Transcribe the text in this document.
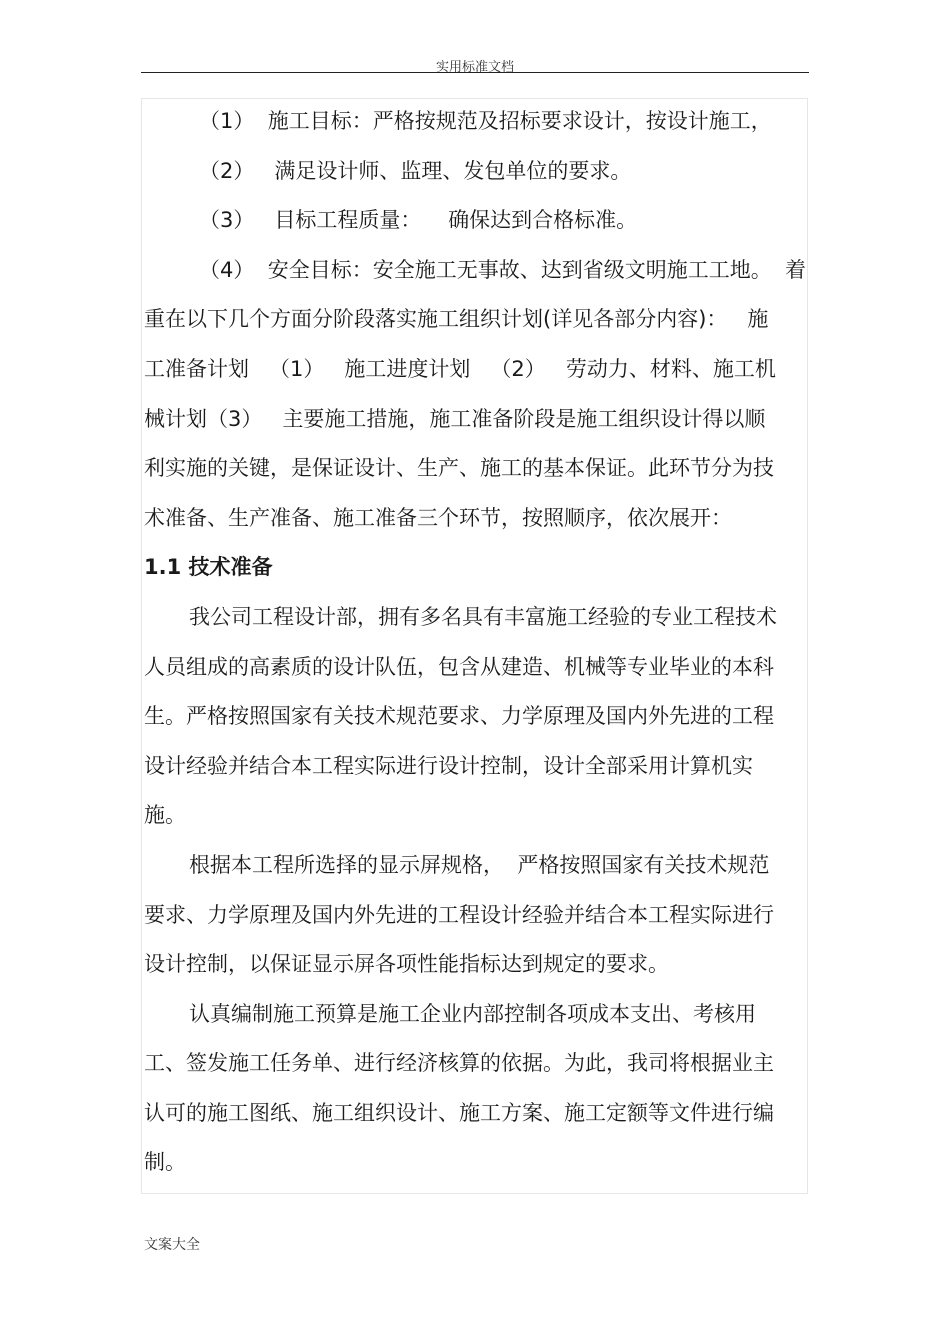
实用标准文档
（1）  施工目标：严格按规范及招标要求设计，按设计施工，
（2）   满足设计师、监理、发包单位的要求。
（3）   目标工程质量：    确保达到合格标准。
（4）  安全目标：安全施工无事故、达到省级文明施工工地。  着
重在以下几个方面分阶段落实施工组织计划(详见各部分内容)：   施
工准备计划   （1）   施工进度计划   （2）   劳动力、材料、施工机
械计划（3）   主要施工措施，施工准备阶段是施工组织设计得以顺
利实施的关键，是保证设计、生产、施工的基本保证。此环节分为技
术准备、生产准备、施工准备三个环节，按照顺序，依次展开：
1.1 技术准备
我公司工程设计部，拥有多名具有丰富施工经验的专业工程技术
人员组成的高素质的设计队伍，包含从建造、机械等专业毕业的本科
生。严格按照国家有关技术规范要求、力学原理及国内外先进的工程
设计经验并结合本工程实际进行设计控制，设计全部采用计算机实
施。
根据本工程所选择的显示屏规格，  严格按照国家有关技术规范
要求、力学原理及国内外先进的工程设计经验并结合本工程实际进行
设计控制，以保证显示屏各项性能指标达到规定的要求。
认真编制施工预算是施工企业内部控制各项成本支出、考核用
工、签发施工任务单、进行经济核算的依据。为此，我司将根据业主
认可的施工图纸、施工组织设计、施工方案、施工定额等文件进行编
制。
文案大全
